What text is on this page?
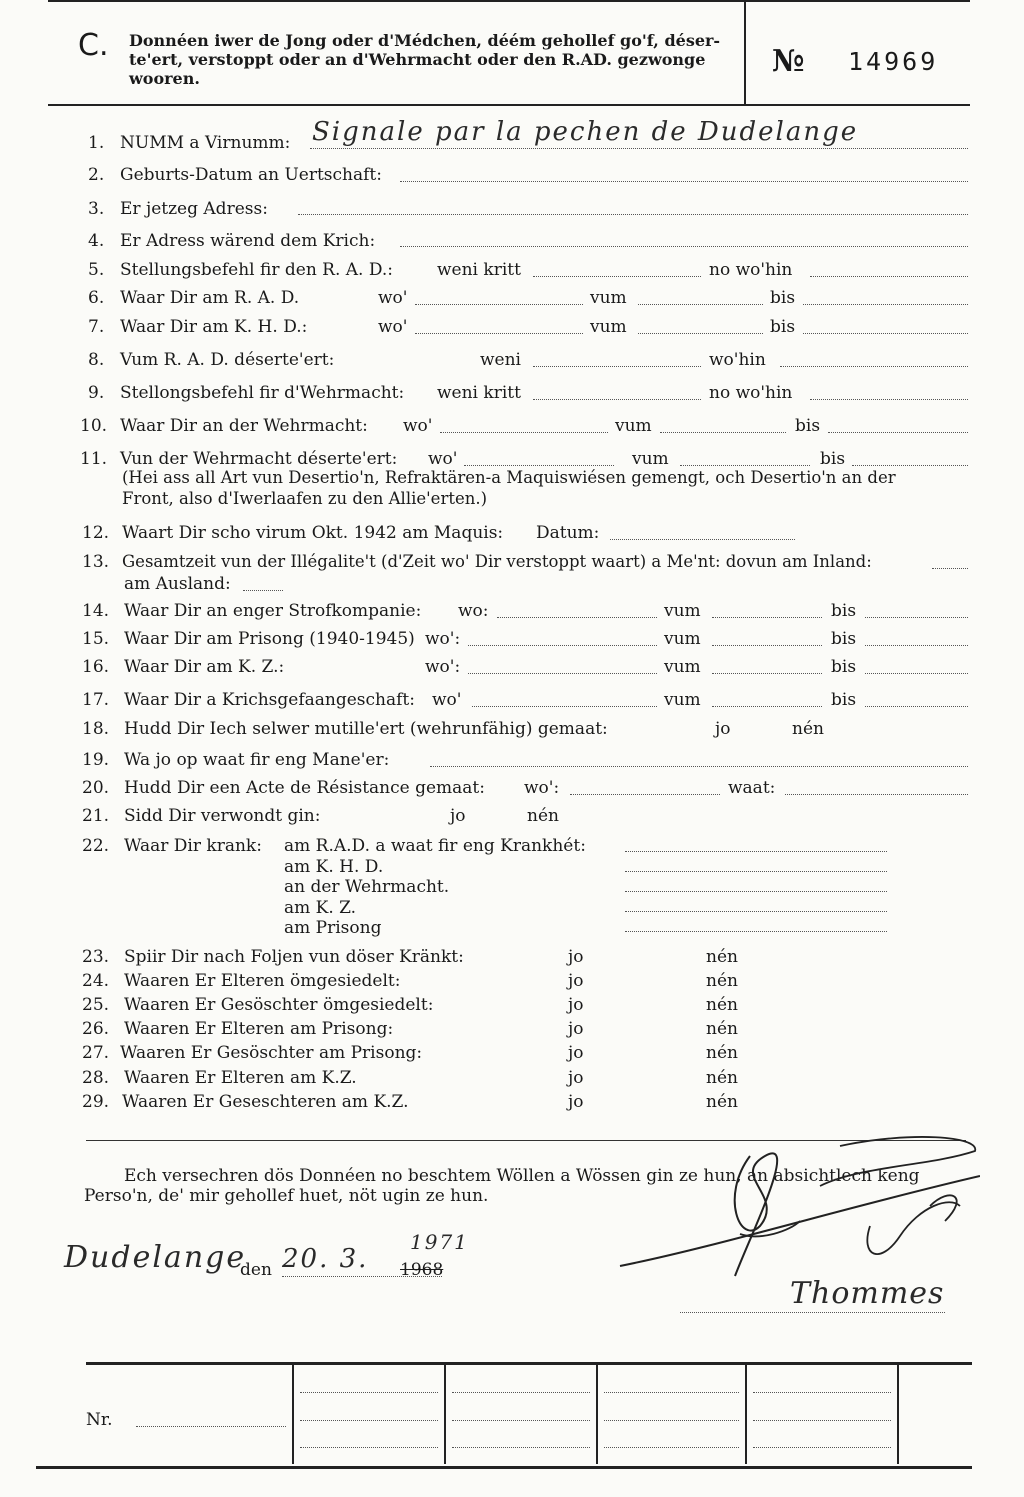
C. Donnéen iwer de Jong oder d'Médchen, déém gehollef go'f, déser-
te'ert, verstoppt oder an d'Wehrmacht oder den R.AD. gezwonge
wooren.	№ 14969
1. NUMM a Virnumm: Signale par la pechen de Dudelange
2. Geburts-Datum an Uertschaft:
3. Er jetzeg Adress:
4. Er Adress wärend dem Krich:
5. Stellungsbefehl fir den R. A. D.:	weni kritt	no wo'hin
6. Waar Dir am R. A. D.	wo'	vum	bis
7. Waar Dir am K. H. D.:	wo'	vum	bis
8. Vum R. A. D. déserte'ert:	weni	wo'hin
9. Stellongsbefehl fir d'Wehrmacht: weni kritt	no wo'hin
10. Waar Dir an der Wehrmacht: wo'	vum	bis
11. Vun der Wehrmacht déserte'ert: wo'	vum	bis
(Hei ass all Art vun Desertio'n, Refraktären-a Maquiswiésen gemengt, och Desertio'n an der
Front, also d'Iwerlaafen zu den Allie'erten.)
12. Waart Dir scho virum Okt. 1942 am Maquis: Datum:
13. Gesamtzeit vun der Illégalite't (d'Zeit wo' Dir verstoppt waart) a Me'nt: dovun am Inland:
am Ausland:
14. Waar Dir an enger Strofkompanie: wo:	vum	bis
15. Waar Dir am Prisong (1940-1945) wo':	vum	bis
16. Waar Dir am K. Z.:	wo':	vum	bis
17. Waar Dir a Krichsgefaangeschaft: wo'	vum	bis
18. Hudd Dir Iech selwer mutille'ert (wehrunfähig) gemaat:	jo	nén
19. Wa jo op waat fir eng Mane'er:
20. Hudd Dir een Acte de Résistance gemaat: wo':	waat:
21. Sidd Dir verwondt gin:	jo	nén
22. Waar Dir krank: am R.A.D. a waat fir eng Krankhét:
am K. H. D.
an der Wehrmacht.
am K. Z.
am Prisong
23. Spiir Dir nach Foljen vun döser Kränkt:	jo	nén
24. Waaren Er Elteren ömgesiedelt:	jo	nén
25. Waaren Er Gesöschter ömgesiedelt:	jo	nén
26. Waaren Er Elteren am Prisong:	jo	nén
27. Waaren Er Gesöschter am Prisong:	jo	nén
28. Waaren Er Elteren am K.Z.	jo	nén
29. Waaren Er Geseschteren am K.Z.	jo	nén
Ech versechren dös Donnéen no beschtem Wöllen a Wössen gin ze hun, an absichtlech keng
Perso'n, de' mir gehollef huet, nöt ugin ze hun.
Dudelange
den 20. 3.
1971
1968
Thommes
Nr.
